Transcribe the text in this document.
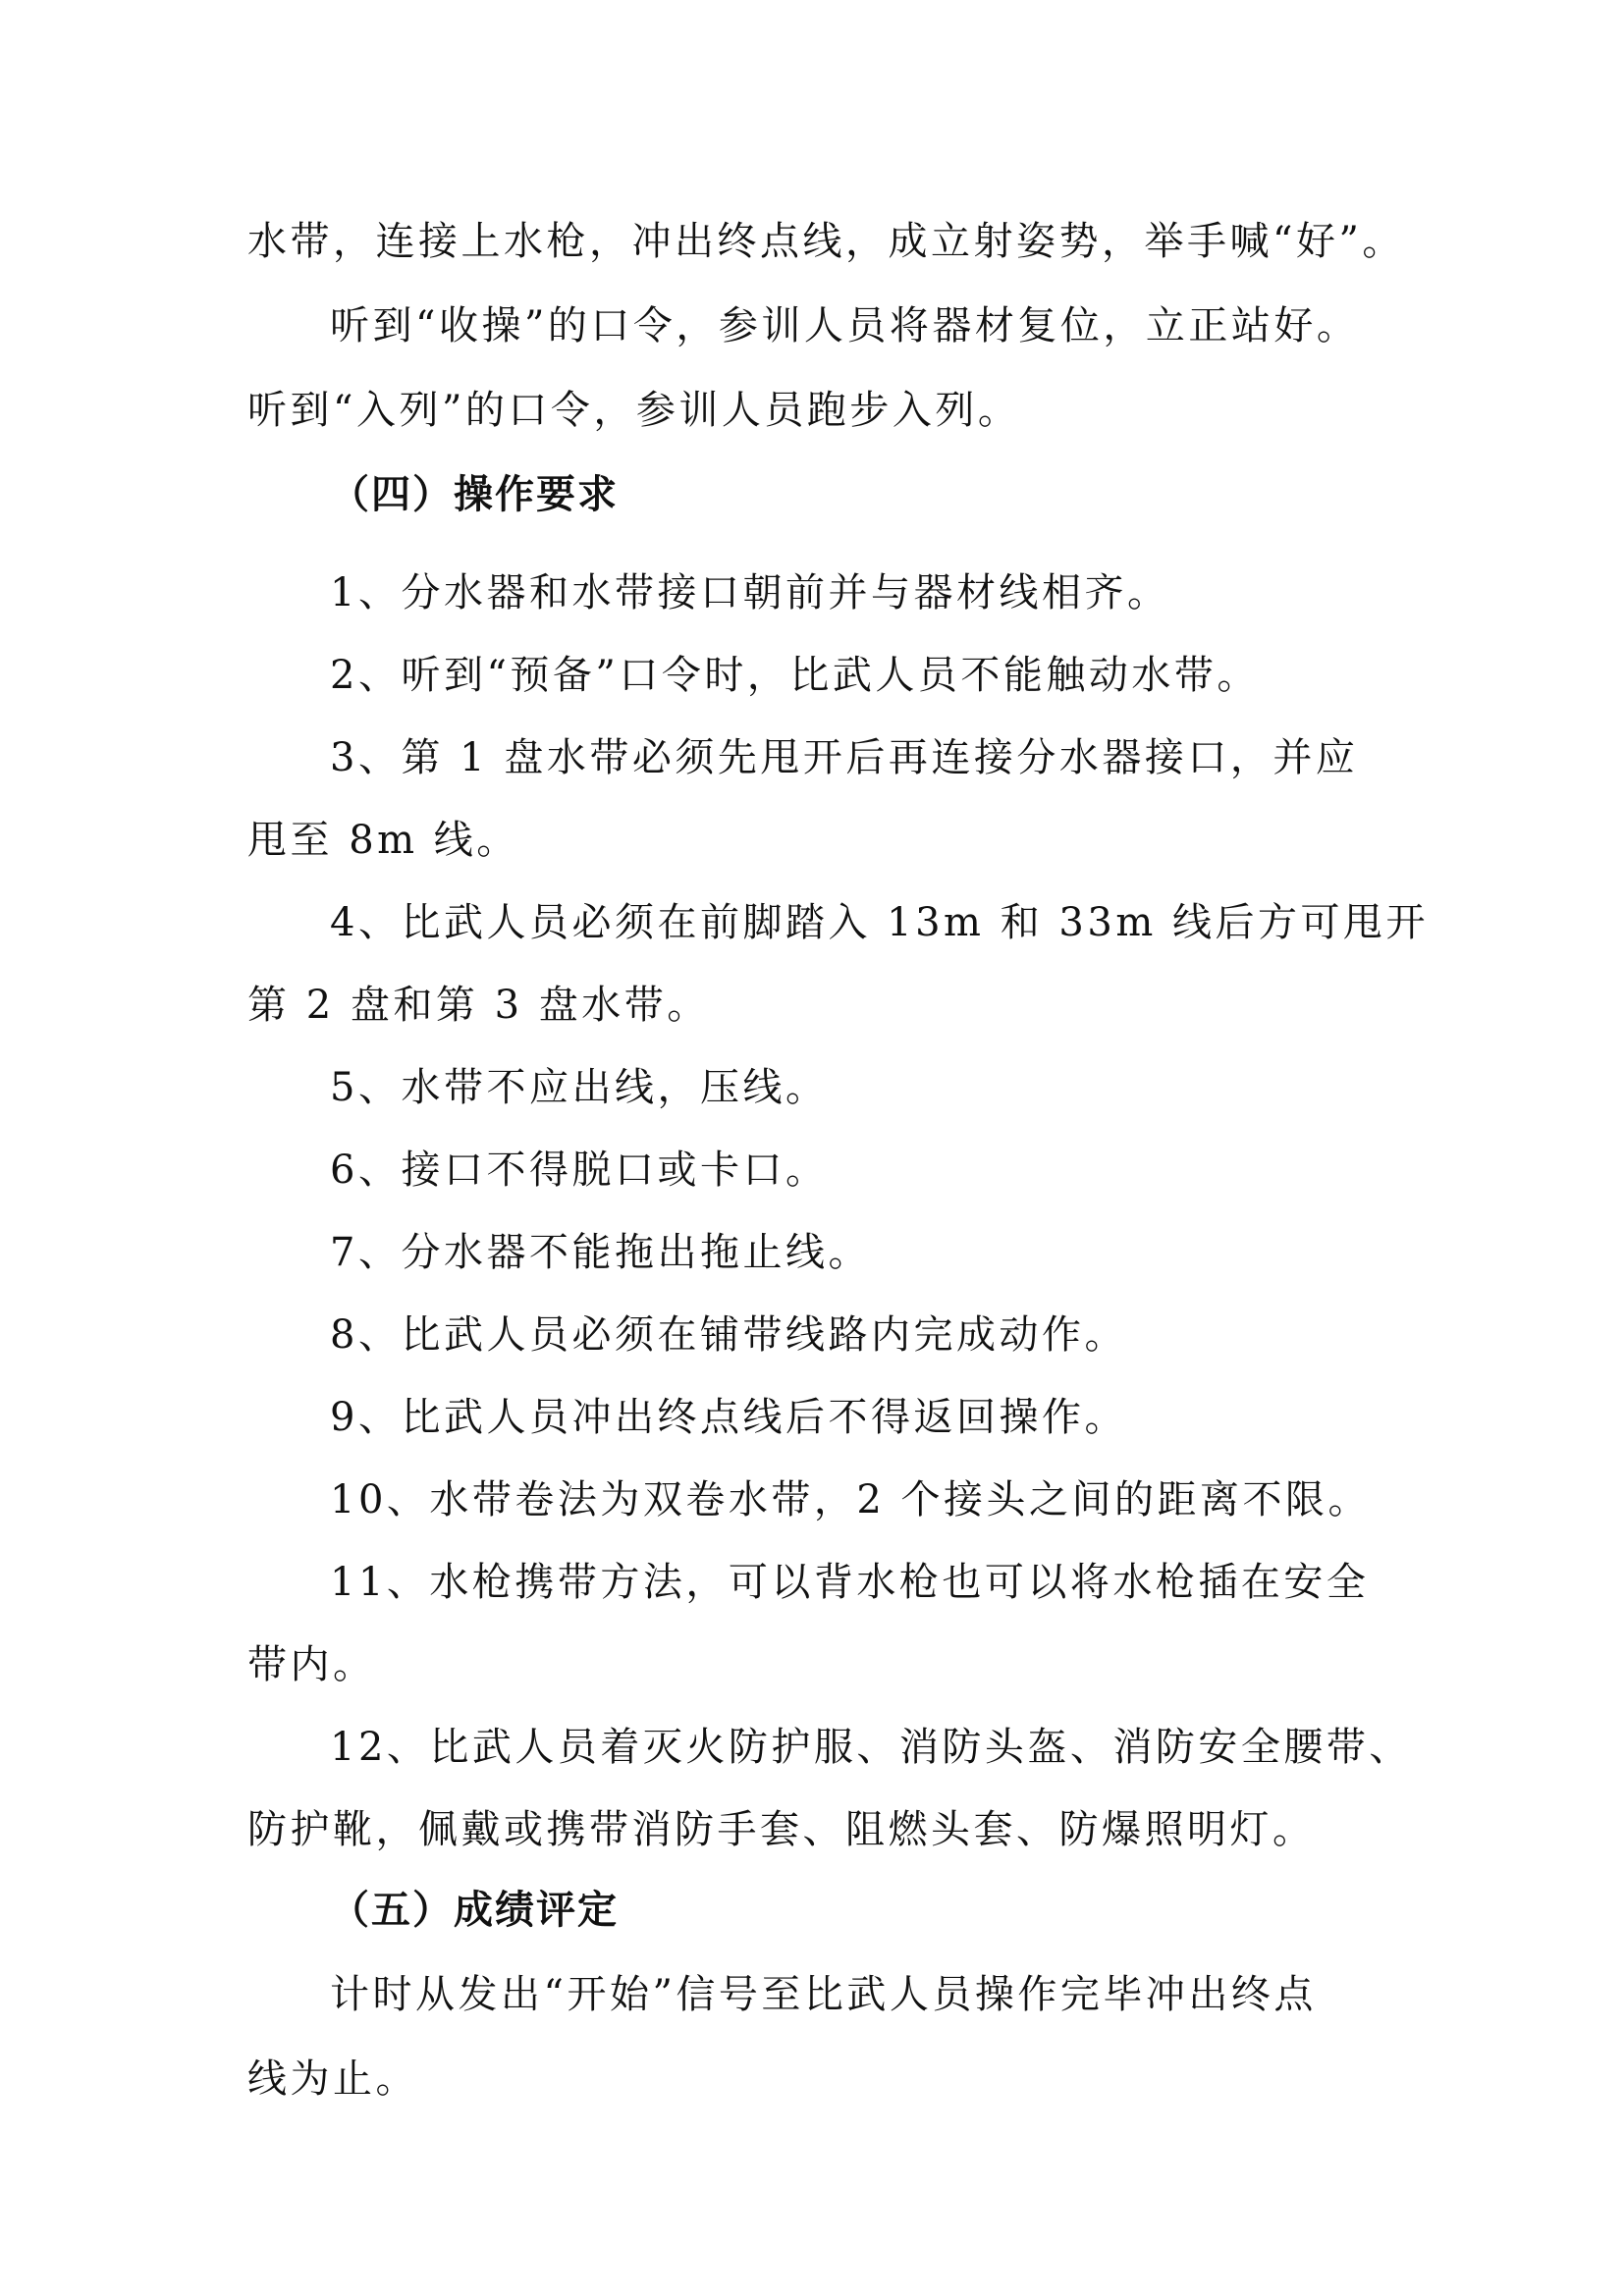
水带，连接上水枪，冲出终点线，成立射姿势，举手喊“好”。
听到“收操”的口令，参训人员将器材复位，立正站好。
听到“入列”的口令，参训人员跑步入列。
（四）操作要求
1、分水器和水带接口朝前并与器材线相齐。
2、听到“预备”口令时，比武人员不能触动水带。
3、第 1 盘水带必须先甩开后再连接分水器接口，并应
甩至 8m 线。
4、比武人员必须在前脚踏入 13m 和 33m 线后方可甩开
第 2 盘和第 3 盘水带。
5、水带不应出线，压线。
6、接口不得脱口或卡口。
7、分水器不能拖出拖止线。
8、比武人员必须在铺带线路内完成动作。
9、比武人员冲出终点线后不得返回操作。
10、水带卷法为双卷水带，2 个接头之间的距离不限。
11、水枪携带方法，可以背水枪也可以将水枪插在安全
带内。
12、比武人员着灭火防护服、消防头盔、消防安全腰带、
防护靴，佩戴或携带消防手套、阻燃头套、防爆照明灯。
（五）成绩评定
计时从发出“开始”信号至比武人员操作完毕冲出终点
线为止。
